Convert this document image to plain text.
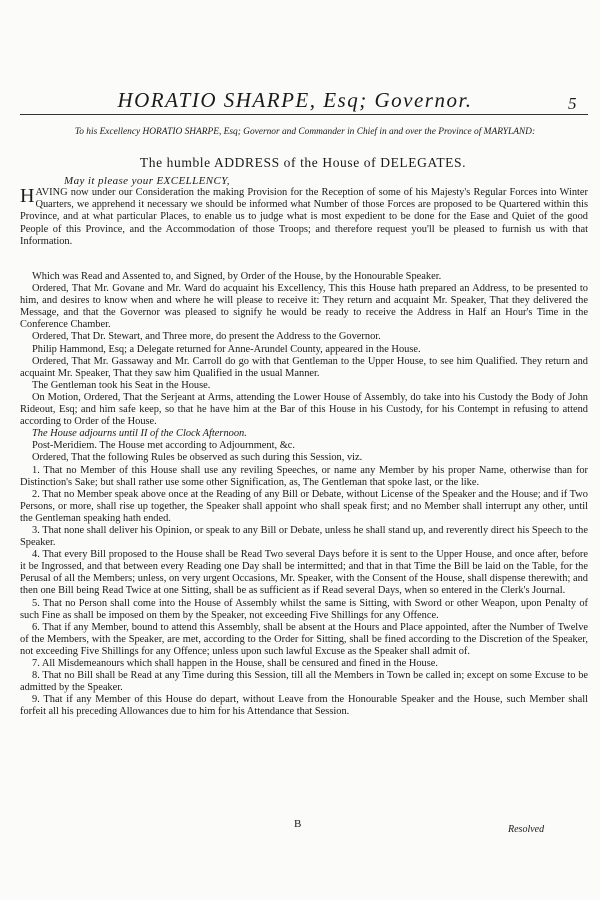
HORATIO SHARPE, Esq; Governor.	5
To his Excellency HORATIO SHARPE, Esq; Governor and Commander in Chief in and over the Province of MARYLAND:
The humble ADDRESS of the House of DELEGATES.
May it please your EXCELLENCY,
HAVING now under our Consideration the making Provision for the Reception of some of his Majesty's Regular Forces into Winter Quarters, we apprehend it necessary we should be informed what Number of those Forces are proposed to be Quartered within this Province, and at what particular Places, to enable us to judge what is most expedient to be done for the Ease and Quiet of the good People of this Province, and the Accommodation of those Troops; and therefore request you'll be pleased to furnish us with that Information.

Which was Read and Assented to, and Signed, by Order of the House, by the Honourable Speaker.

Ordered, That Mr. Govane and Mr. Ward do acquaint his Excellency, This this House hath prepared an Address, to be presented to him, and desires to know when and where he will please to receive it: They return and acquaint Mr. Speaker, That they delivered the Message, and that the Governor was pleased to signify he would be ready to receive the Address in Half an Hour's Time in the Conference Chamber.

Ordered, That Dr. Stewart, and Three more, do present the Address to the Governor.

Philip Hammond, Esq; a Delegate returned for Anne-Arundel County, appeared in the House.

Ordered, That Mr. Gassaway and Mr. Carroll do go with that Gentleman to the Upper House, to see him Qualified. They return and acquaint Mr. Speaker, That they saw him Qualified in the usual Manner.

The Gentleman took his Seat in the House.

On Motion, Ordered, That the Serjeant at Arms, attending the Lower House of Assembly, do take into his Custody the Body of John Rideout, Esq; and him safe keep, so that he have him at the Bar of this House in his Custody, for his Contempt in refusing to attend according to Order of the House.

The House adjourns until II of the Clock Afternoon.

Post-Meridiem. The House met according to Adjournment, &c.

Ordered, That the following Rules be observed as such during this Session, viz.

1. That no Member of this House shall use any reviling Speeches, or name any Member by his proper Name, otherwise than for Distinction's Sake; but shall rather use some other Signification, as, The Gentleman that spoke last, or the like.

2. That no Member speak above once at the Reading of any Bill or Debate, without License of the Speaker and the House; and if Two Persons, or more, shall rise up together, the Speaker shall appoint who shall speak first; and no Member shall interrupt any other, until the Gentleman speaking hath ended.

3. That none shall deliver his Opinion, or speak to any Bill or Debate, unless he shall stand up, and reverently direct his Speech to the Speaker.

4. That every Bill proposed to the House shall be Read Two several Days before it is sent to the Upper House, and once after, before it be Ingrossed, and that between every Reading one Day shall be intermitted; and that in that Time the Bill be laid on the Table, for the Perusal of all the Members; unless, on very urgent Occasions, Mr. Speaker, with the Consent of the House, shall dispense therewith; and then one Bill being Read Twice at one Sitting, shall be as sufficient as if Read several Days, when so entered in the Clerk's Journal.

5. That no Person shall come into the House of Assembly whilst the same is Sitting, with Sword or other Weapon, upon Penalty of such Fine as shall be imposed on them by the Speaker, not exceeding Five Shillings for any Offence.

6. That if any Member, bound to attend this Assembly, shall be absent at the Hours and Place appointed, after the Number of Twelve of the Members, with the Speaker, are met, according to the Order for Sitting, shall be fined according to the Discretion of the Speaker, not exceeding Five Shillings for any Offence; unless upon such lawful Excuse as the Speaker shall admit of.

7. All Misdemeanours which shall happen in the House, shall be censured and fined in the House.

8. That no Bill shall be Read at any Time during this Session, till all the Members in Town be called in; except on some Excuse to be admitted by the Speaker.

9. That if any Member of this House do depart, without Leave from the Honourable Speaker and the House, such Member shall forfeit all his preceding Allowances due to him for his Attendance that Session.

B	Resolved
